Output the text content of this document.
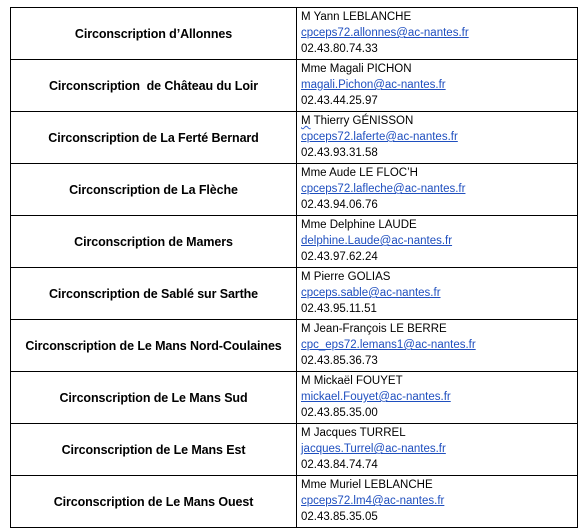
Circonscription d’Allonnes	M Yann LEBLANCHE
cpceps72.allonnes@ac-nantes.fr
02.43.80.74.33

Circonscription  de Château du Loir	Mme Magali PICHON
magali.Pichon@ac-nantes.fr
02.43.44.25.97

Circonscription de La Ferté Bernard	M Thierry GÉNISSON
cpceps72.laferte@ac-nantes.fr
02.43.93.31.58

Circonscription de La Flèche	Mme Aude LE FLOC’H
cpceps72.lafleche@ac-nantes.fr
02.43.94.06.76

Circonscription de Mamers	Mme Delphine LAUDE
delphine.Laude@ac-nantes.fr
02.43.97.62.24

Circonscription de Sablé sur Sarthe	M Pierre GOLIAS
cpceps.sable@ac-nantes.fr
02.43.95.11.51

Circonscription de Le Mans Nord-Coulaines	M Jean-François LE BERRE
cpc_eps72.lemans1@ac-nantes.fr
02.43.85.36.73

Circonscription de Le Mans Sud	M Mickaël FOUYET
mickael.Fouyet@ac-nantes.fr
02.43.85.35.00

Circonscription de Le Mans Est	M Jacques TURREL
jacques.Turrel@ac-nantes.fr
02.43.84.74.74

Circonscription de Le Mans Ouest	Mme Muriel LEBLANCHE
cpceps72.lm4@ac-nantes.fr
02.43.85.35.05
